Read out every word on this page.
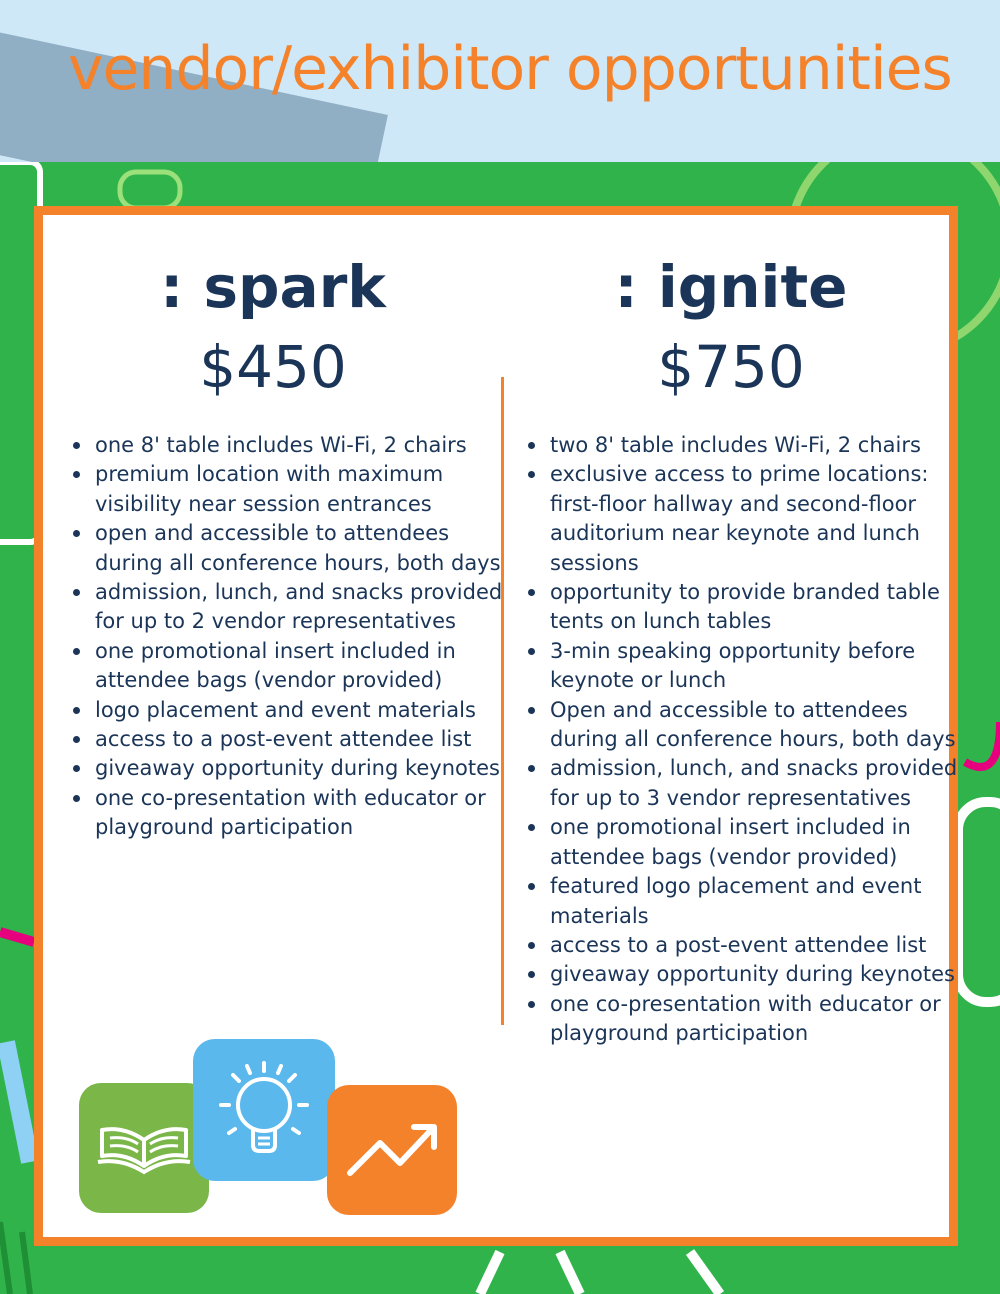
vendor/exhibitor opportunities
: spark

$450

: ignite

$750

one 8' table includes Wi-Fi, 2 chairs
premium location with maximum visibility near session entrances
open and accessible to attendees during all conference hours, both days
admission, lunch, and snacks provided for up to 2 vendor representatives
one promotional insert included in attendee bags (vendor provided)
logo placement and event materials
access to a post-event attendee list
giveaway opportunity during keynotes
one co-presentation with educator or playground participation
two 8' table includes Wi-Fi, 2 chairs
exclusive access to prime locations: first-floor hallway and second-floor auditorium near keynote and lunch sessions
opportunity to provide branded table tents on lunch tables
3-min speaking opportunity before keynote or lunch
Open and accessible to attendees during all conference hours, both days
admission, lunch, and snacks provided for up to 3 vendor representatives
one promotional insert included in attendee bags (vendor provided)
featured logo placement and event materials
access to a post-event attendee list
giveaway opportunity during keynotes
one co-presentation with educator or playground participation
